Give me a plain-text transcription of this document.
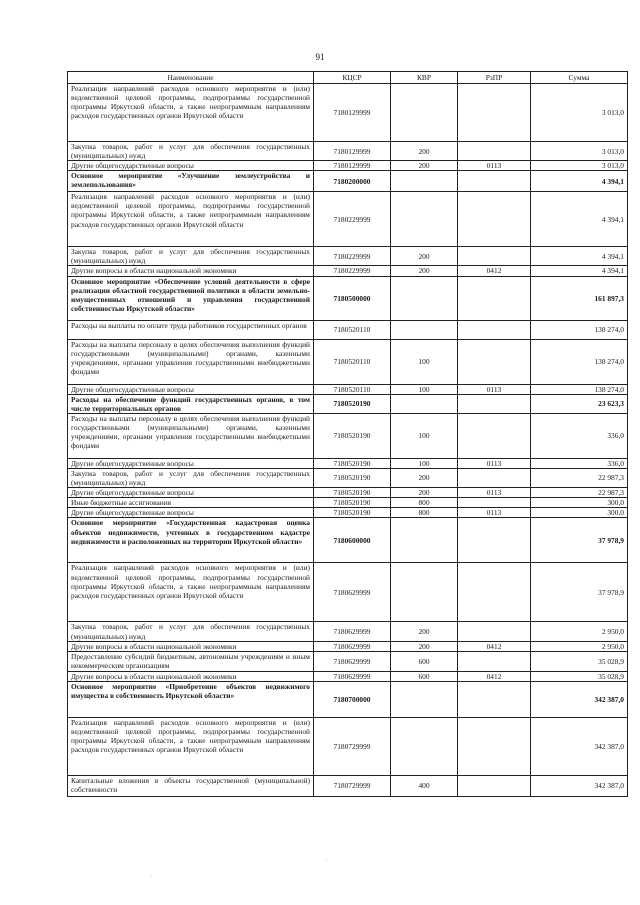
91
Наименование	КЦСР	КВР	РзПР	Сумма
Реализация направлений расходов основного мероприятия и (или) ведомственной целевой программы, подпрограммы государственной программы Иркутской области, а также непрограммным направлениям расходов государственных органов Иркутской области	7180129999			3 013,0
Закупка товаров, работ и услуг для обеспечения государственных (муниципальных) нужд	7180129999	200		3 013,0
Другие общегосударственные вопросы	7180129999	200	0113	3 013,0
Основное мероприятие «Улучшение землеустройства и землепользования»	7180200000			4 394,1
Реализация направлений расходов основного мероприятия и (или) ведомственной целевой программы, подпрограммы государственной программы Иркутской области, а также непрограммным направлениям расходов государственных органов Иркутской области	7180229999			4 394,1
Закупка товаров, работ и услуг для обеспечения государственных (муниципальных) нужд	7180229999	200		4 394,1
Другие вопросы в области национальной экономики	7180229999	200	0412	4 394,1
Основное мероприятие «Обеспечение условий деятельности в сфере реализации областной государственной политики в области земельно-имущественных отношений и управления государственной собственностью Иркутской области»	7180500000			161 897,3
Расходы на выплаты по оплате труда работников государственных органов	7180520110			138 274,0
Расходы на выплаты персоналу в целях обеспечения выполнения функций государственными (муниципальными) органами, казенными учреждениями, органами управления государственными внебюджетными фондами	7180520110	100		138 274,0
Другие общегосударственные вопросы	7180520110	100	0113	138 274,0
Расходы на обеспечение функций государственных органов, в том числе территориальных органов	7180520190			23 623,3
Расходы на выплаты персоналу в целях обеспечения выполнения функций государственными (муниципальными) органами, казенными учреждениями, органами управления государственными внебюджетными фондами	7180520190	100		336,0
Другие общегосударственные вопросы	7180520190	100	0113	336,0
Закупка товаров, работ и услуг для обеспечения государственных (муниципальных) нужд	7180520190	200		22 987,3
Другие общегосударственные вопросы	7180520190	200	0113	22 987,3
Иные бюджетные ассигнования	7180520190	800		300,0
Другие общегосударственные вопросы	7180520190	800	0113	300,0
Основное мероприятие «Государственная кадастровая оценка объектов недвижимости, учтенных в государственном кадастре недвижимости и расположенных на территории Иркутской области»	7180600000			37 978,9
Реализация направлений расходов основного мероприятия и (или) ведомственной целевой программы, подпрограммы государственной программы Иркутской области, а также непрограммным направлениям расходов государственных органов Иркутской области	7180629999			37 978,9
Закупка товаров, работ и услуг для обеспечения государственных (муниципальных) нужд	7180629999	200		2 950,0
Другие вопросы в области национальной экономики	7180629999	200	0412	2 950,0
Предоставление субсидий бюджетным, автономным учреждениям и иным некоммерческим организациям	7180629999	600		35 028,9
Другие вопросы в области национальной экономики	7180629999	600	0412	35 028,9
Основное мероприятие «Приобретение объектов недвижимого имущества в собственность Иркутской области»	7180700000			342 387,0
Реализация направлений расходов основного мероприятия и (или) ведомственной целевой программы, подпрограммы государственной программы Иркутской области, а также непрограммным направлениям расходов государственных органов Иркутской области	7180729999			342 387,0
Капитальные вложения в объекты государственной (муниципальной) собственности	7180729999	400		342 387,0
·
·
